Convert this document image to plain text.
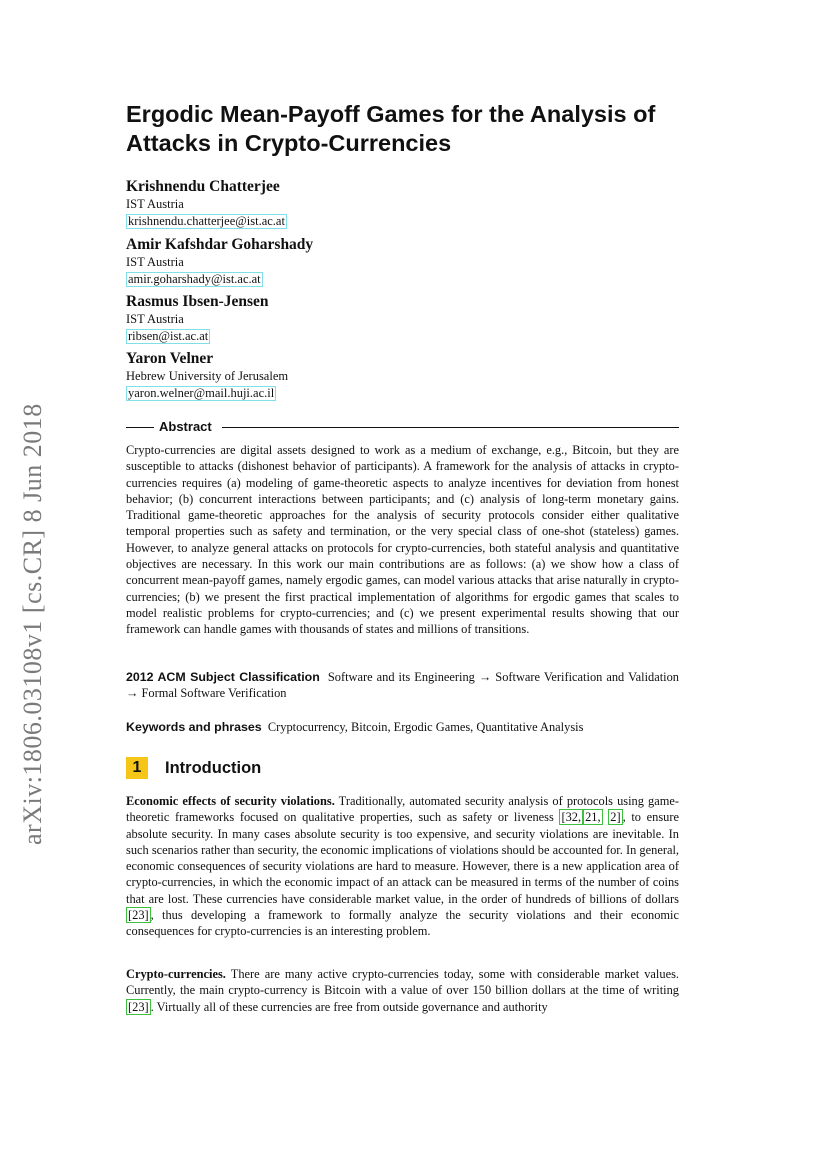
arXiv:1806.03108v1 [cs.CR] 8 Jun 2018
Ergodic Mean-Payoff Games for the Analysis of Attacks in Crypto-Currencies
Krishnendu Chatterjee
IST Austria
krishnendu.chatterjee@ist.ac.at
Amir Kafshdar Goharshady
IST Austria
amir.goharshady@ist.ac.at
Rasmus Ibsen-Jensen
IST Austria
ribsen@ist.ac.at
Yaron Velner
Hebrew University of Jerusalem
yaron.welner@mail.huji.ac.il
Abstract
Crypto-currencies are digital assets designed to work as a medium of exchange, e.g., Bitcoin, but they are susceptible to attacks (dishonest behavior of participants). A framework for the analysis of attacks in crypto-currencies requires (a) modeling of game-theoretic aspects to analyze incentives for deviation from honest behavior; (b) concurrent interactions between participants; and (c) analysis of long-term monetary gains. Traditional game-theoretic approaches for the analysis of security protocols consider either qualitative temporal properties such as safety and termination, or the very special class of one-shot (stateless) games. However, to analyze general attacks on protocols for crypto-currencies, both stateful analysis and quantitative objectives are necessary. In this work our main contributions are as follows: (a) we show how a class of concurrent mean-payoff games, namely ergodic games, can model various attacks that arise naturally in crypto-currencies; (b) we present the first practical implementation of algorithms for ergodic games that scales to model realistic problems for crypto-currencies; and (c) we present experimental results showing that our framework can handle games with thousands of states and millions of transitions.
2012 ACM Subject Classification Software and its Engineering → Software Verification and Validation → Formal Software Verification
Keywords and phrases Cryptocurrency, Bitcoin, Ergodic Games, Quantitative Analysis
1	Introduction
Economic effects of security violations. Traditionally, automated security analysis of protocols using game-theoretic frameworks focused on qualitative properties, such as safety or liveness [32, 21, 2] , to ensure absolute security. In many cases absolute security is too expensive, and security violations are inevitable. In such scenarios rather than security, the economic implications of violations should be accounted for. In general, economic consequences of security violations are hard to measure. However, there is a new application area of crypto-currencies, in which the economic impact of an attack can be measured in terms of the number of coins that are lost. These currencies have considerable market value, in the order of hundreds of billions of dollars [23] , thus developing a framework to formally analyze the security violations and their economic consequences for crypto-currencies is an interesting problem.
Crypto-currencies. There are many active crypto-currencies today, some with considerable market values. Currently, the main crypto-currency is Bitcoin with a value of over 150 billion dollars at the time of writing [23] . Virtually all of these currencies are free from outside governance and authority
